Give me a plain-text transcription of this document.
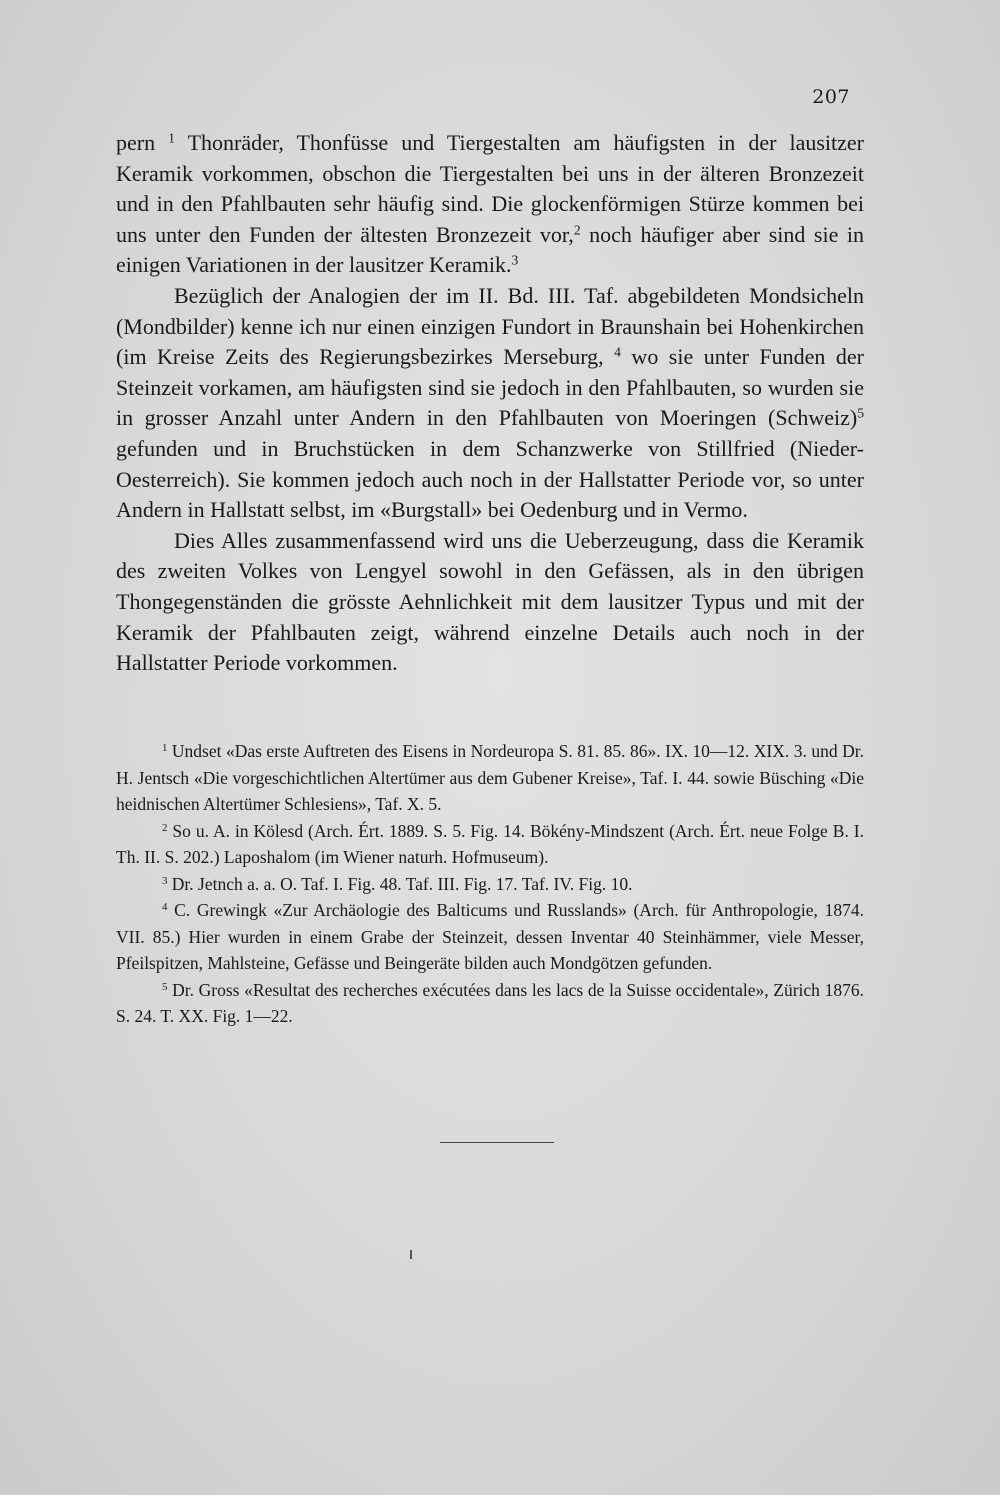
207

pern $^1$ Thonräder, Thonfüsse und Tiergestalten am häufigsten in der lausitzer Keramik vorkommen, obschon die Tiergestalten bei uns in der älteren Bronzezeit und in den Pfahlbauten sehr häufig sind. Die glockenförmigen Stürze kommen bei uns unter den Funden der ältesten Bronzezeit vor,$^2$ noch häufiger aber sind sie in einigen Variationen in der lausitzer Keramik.$^3$

Bezüglich der Analogien der im II. Bd. III. Taf. abgebildeten Mondsicheln (Mondbilder) kenne ich nur einen einzigen Fundort in Braunshain bei Hohenkirchen (im Kreise Zeits des Regierungsbezirkes Merseburg, $^4$ wo sie unter Funden der Steinzeit vorkamen, am häufigsten sind sie jedoch in den Pfahlbauten, so wurden sie in grosser Anzahl unter Andern in den Pfahlbauten von Moeringen (Schweiz)$^5$ gefunden und in Bruchstücken in dem Schanzwerke von Stillfried (Nieder-Oesterreich). Sie kommen jedoch auch noch in der Hallstatter Periode vor, so unter Andern in Hallstatt selbst, im «Burgstall» bei Oedenburg und in Vermo.

Dies Alles zusammenfassend wird uns die Ueberzeugung, dass die Keramik des zweiten Volkes von Lengyel sowohl in den Gefässen, als in den übrigen Thongegenständen die grösste Aehnlichkeit mit dem lausitzer Typus und mit der Keramik der Pfahlbauten zeigt, während einzelne Details auch noch in der Hallstatter Periode vorkommen.

$^1$ Undset «Das erste Auftreten des Eisens in Nordeuropa S. 81. 85. 86». IX. 10—12. XIX. 3. und Dr. H. Jentsch «Die vorgeschichtlichen Altertümer aus dem Gubener Kreise», Taf. I. 44. sowie Büsching «Die heidnischen Altertümer Schlesiens», Taf. X. 5.

$^2$ So u. A. in Kölesd (Arch. Ért. 1889. S. 5. Fig. 14. Bökény-Mindszent (Arch. Ért. neue Folge B. I. Th. II. S. 202.) Laposhalom (im Wiener naturh. Hofmuseum).

$^3$ Dr. Jetnch a. a. O. Taf. I. Fig. 48. Taf. III. Fig. 17. Taf. IV. Fig. 10.

$^4$ C. Grewingk «Zur Archäologie des Balticums und Russlands» (Arch. für Anthropologie, 1874. VII. 85.) Hier wurden in einem Grabe der Steinzeit, dessen Inventar 40 Steinhämmer, viele Messer, Pfeilspitzen, Mahlsteine, Gefässe und Beingeräte bilden auch Mondgötzen gefunden.

$^5$ Dr. Gross «Resultat des recherches exécutées dans les lacs de la Suisse occidentale», Zürich 1876. S. 24. T. XX. Fig. 1—22.
